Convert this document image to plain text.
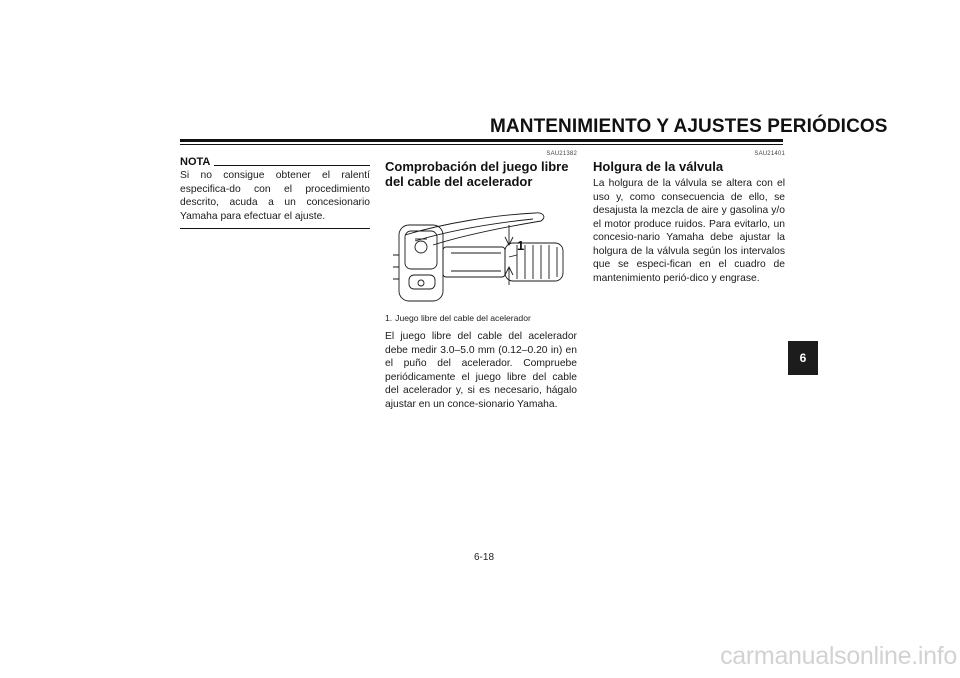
MANTENIMIENTO Y AJUSTES PERIÓDICOS
NOTA
Si no consigue obtener el ralentí especifica-do con el procedimiento descrito, acuda a un concesionario Yamaha para efectuar el ajuste.
SAU21382
Comprobación del juego libre del cable del acelerador
1
1. Juego libre del cable del acelerador
El juego libre del cable del acelerador debe medir 3.0–5.0 mm (0.12–0.20 in) en el puño del acelerador. Compruebe periódicamente el juego libre del cable del acelerador y, si es necesario, hágalo ajustar en un conce-sionario Yamaha.
SAU21401
Holgura de la válvula
La holgura de la válvula se altera con el uso y, como consecuencia de ello, se desajusta la mezcla de aire y gasolina y/o el motor produce ruidos. Para evitarlo, un concesio-nario Yamaha debe ajustar la holgura de la válvula según los intervalos que se especi-fican en el cuadro de mantenimiento perió-dico y engrase.
6-18
6
carmanualsonline.info
